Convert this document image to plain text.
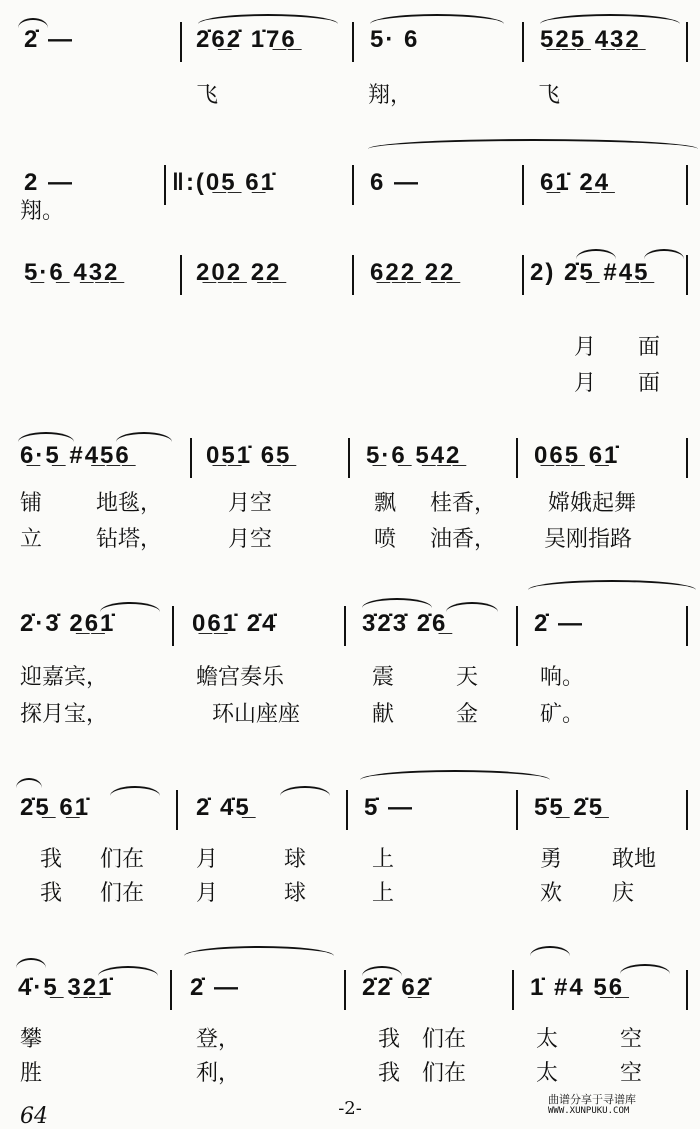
2̇ —	2̇6̲2̇ 1̇7̲6̲	5· 6	5̲2̲5̲ 4̲3̲2̲
飞	翔，	飞
2 —	‖:(0̲5̲ 6̲1̇	6 —	6̲1̇ 2̲4̲
翔。
5̲·6̲ 4̲3̲2̲	2̲0̲2̲ 2̲2̲	6̲2̲2̲ 2̲2̲	2) 2̇5̲ #4̲5̲
月 面
月 面
6̲·5̲ #4̲5̲6̲	0̲5̲1̇ 6̲5̲	5̲·6̲ 5̲4̲2̲	0̲6̲5̲ 6̲1̇
铺 地毯，	月空	飘 桂香， 嫦娥起舞
立 钻塔，	月空	喷 油香， 吴刚指路
2̇·3̇ 2̲6̲1̇	0̲6̲1̇ 2̇4̇	3̇2̇3̇ 2̇6̲	2̇ —
迎嘉宾，	蟾宫奏乐	震	天	响。
探月宝，	环山座座	献	金	矿。
2̇5̲ 6̲1̇	2̇ 4̇5̲	5̇ —	5̇5̲ 2̇5̲
我 们在 月	球	上	勇 敢地
我 们在 月	球	上	欢 庆
4̇·5̲ 3̲2̲1̇	2̇ —	2̇2̇ 6̲2̇	1̇ #4 5̲6̲
攀	登，	我 们在	太	空
胜	利，	我 们在	太	空
64	-2-	曲谱分享于寻谱库
WWW.XUNPUKU.COM
